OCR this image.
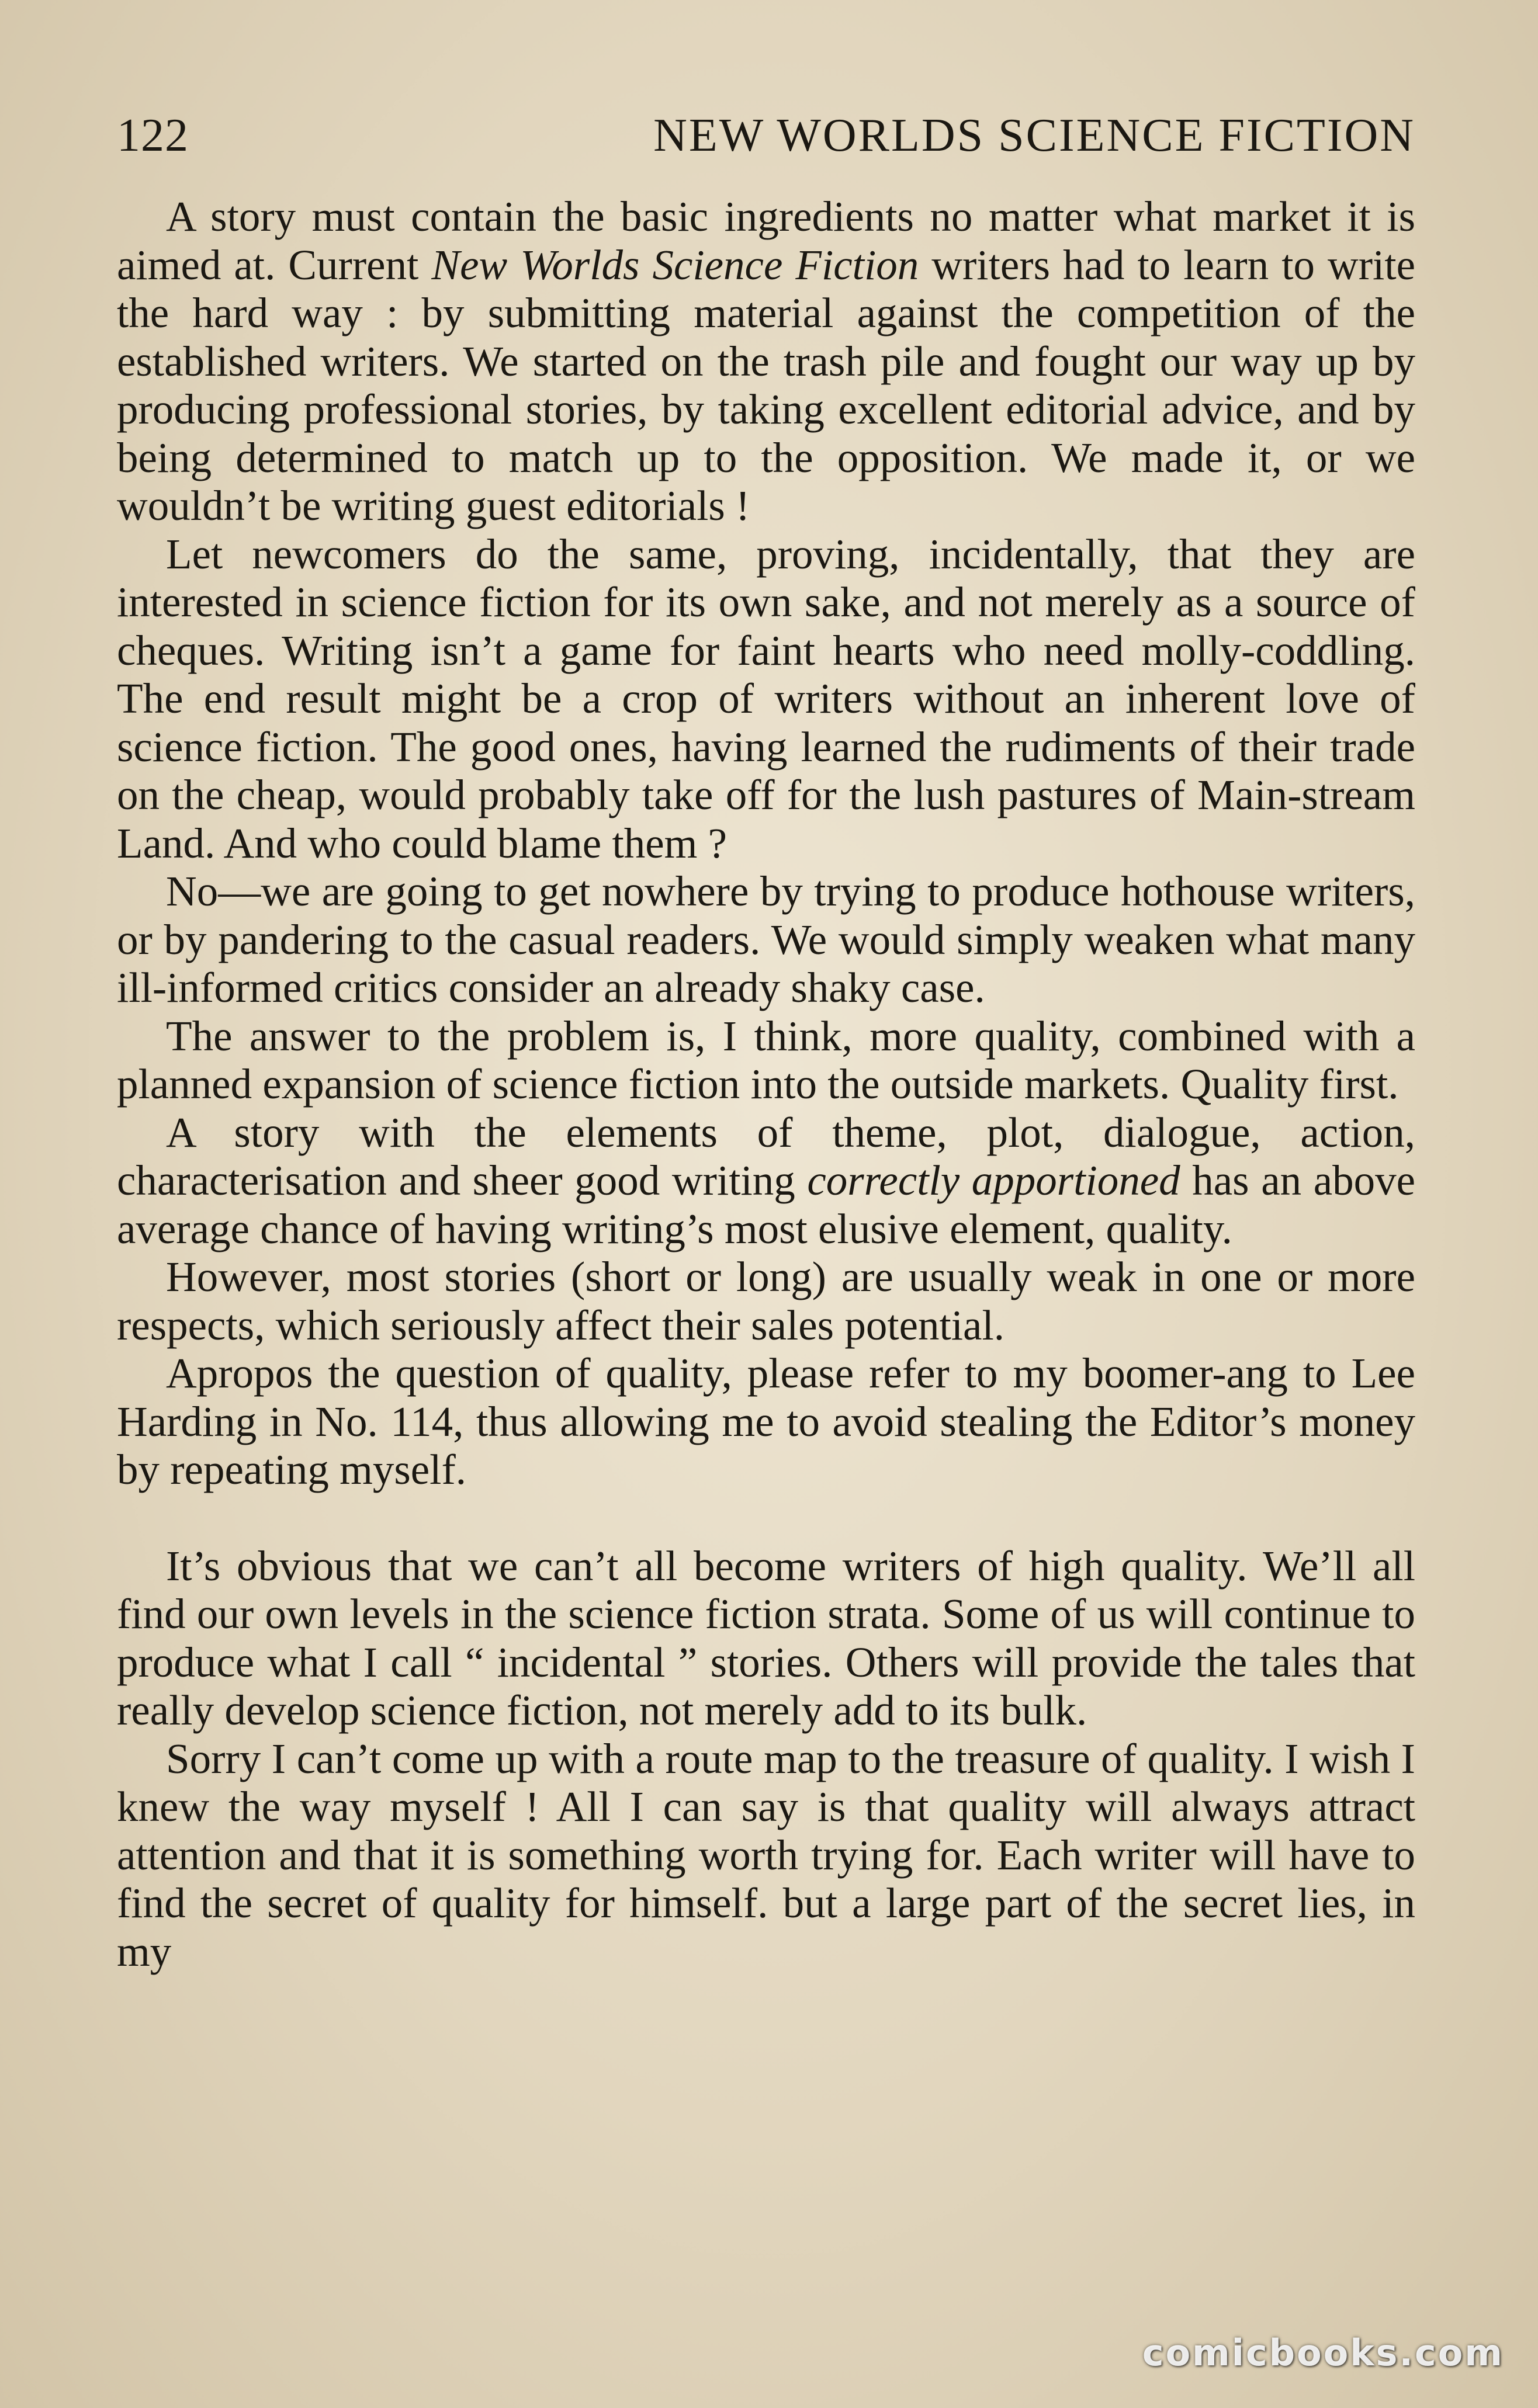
122	NEW WORLDS SCIENCE FICTION

A story must contain the basic ingredients no matter what market it is aimed at. Current New Worlds Science Fiction writers had to learn to write the hard way : by submitting material against the competition of the established writers. We started on the trash pile and fought our way up by producing professional stories, by taking excellent editorial advice, and by being determined to match up to the opposition. We made it, or we wouldn’t be writing guest editorials !

Let newcomers do the same, proving, incidentally, that they are interested in science fiction for its own sake, and not merely as a source of cheques. Writing isn’t a game for faint hearts who need molly-coddling. The end result might be a crop of writers without an inherent love of science fiction. The good ones, having learned the rudiments of their trade on the cheap, would probably take off for the lush pastures of Main-stream Land. And who could blame them ?

No—we are going to get nowhere by trying to produce hothouse writers, or by pandering to the casual readers. We would simply weaken what many ill-informed critics consider an already shaky case.

The answer to the problem is, I think, more quality, combined with a planned expansion of science fiction into the outside markets. Quality first.

A story with the elements of theme, plot, dialogue, action, characterisation and sheer good writing correctly apportioned has an above average chance of having writing’s most elusive element, quality.

However, most stories (short or long) are usually weak in one or more respects, which seriously affect their sales potential.

Apropos the question of quality, please refer to my boomer-ang to Lee Harding in No. 114, thus allowing me to avoid stealing the Editor’s money by repeating myself.

It’s obvious that we can’t all become writers of high quality. We’ll all find our own levels in the science fiction strata. Some of us will continue to produce what I call “ incidental ” stories. Others will provide the tales that really develop science fiction, not merely add to its bulk.

Sorry I can’t come up with a route map to the treasure of quality. I wish I knew the way myself ! All I can say is that quality will always attract attention and that it is something worth trying for. Each writer will have to find the secret of quality for himself. but a large part of the secret lies, in my

comicbooks.com
